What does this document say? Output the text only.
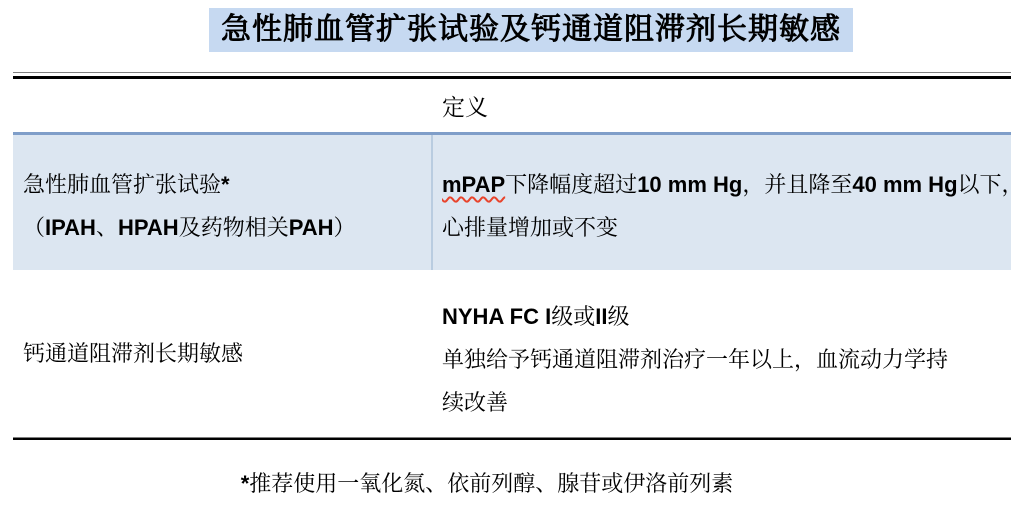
急性肺血管扩张试验及钙通道阻滞剂长期敏感
定义
急性肺血管扩张试验*
（IPAH、HPAH及药物相关PAH）
mPAP下降幅度超过10 mm Hg，并且降至40 mm Hg以下，
心排量增加或不变
钙通道阻滞剂长期敏感
NYHA FC I级或II级
单独给予钙通道阻滞剂治疗一年以上，血流动力学持
续改善
*推荐使用一氧化氮、依前列醇、腺苷或伊洛前列素
